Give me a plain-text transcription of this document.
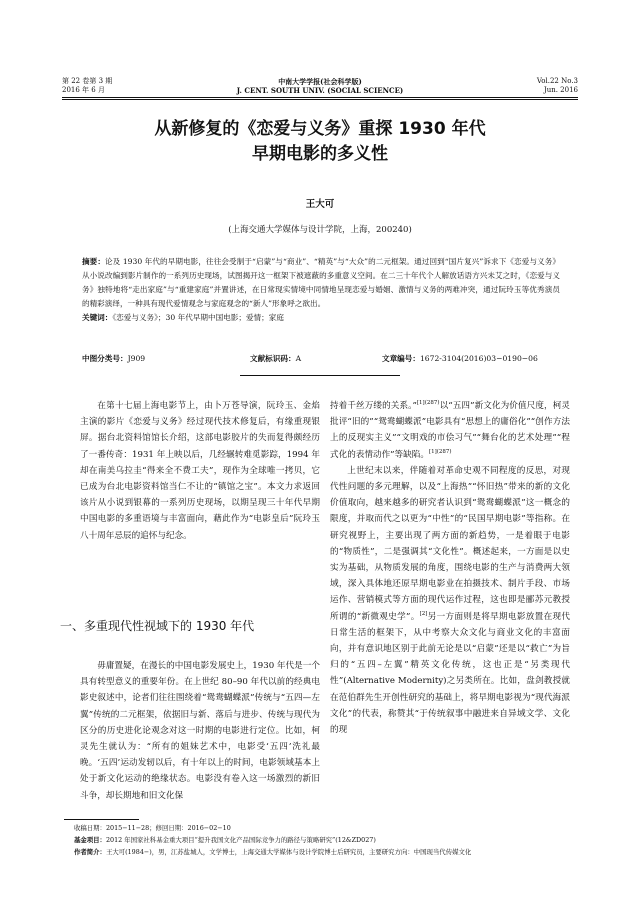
第 22 卷第 3 期
2016 年 6 月
中南大学学报(社会科学版)
J. CENT. SOUTH UNIV. (SOCIAL SCIENCE)
Vol.22 No.3
Jun. 2016
从新修复的《恋爱与义务》重探 1930 年代
早期电影的多义性
王大可
(上海交通大学媒体与设计学院，上海，200240)
摘要：论及 1930 年代的早期电影，往往会受制于“启蒙”与“商业”、“精英”与“大众”的二元框架。通过回到“国片复兴”诉求下《恋爱与义务》从小说改编到影片制作的一系列历史现场，试图揭开这一框架下被遮蔽的多重意义空间。在二三十年代个人解放话语方兴未艾之时，《恋爱与义务》独特地将“走出家庭”与“重建家庭”并置讲述，在日常现实情境中同情地呈现恋爱与婚姻、激情与义务的两难冲突，通过阮玲玉等优秀演员的精彩演绎，一种具有现代爱情观念与家庭观念的“新人”形象呼之欲出。
关键词：《恋爱与义务》；30 年代早期中国电影；爱情；家庭
中图分类号：J909	文献标识码：A	文章编号：1672-3104(2016)03−0190−06

在第十七届上海电影节上，由卜万苍导演，阮玲玉、金焰主演的影片《恋爱与义务》经过现代技术修复后，有缘重现银屏。据台北资料馆馆长介绍，这部电影胶片的失而复得颇经历了一番传奇：1931 年上映以后，几经辗转难觅影踪，1994 年却在南美乌拉圭“得来全不费工夫”，现作为全球唯一拷贝，它已成为台北电影资料馆当仁不让的“镇馆之宝”。本文力求返回该片从小说到银幕的一系列历史现场，以期呈现三十年代早期中国电影的多重语境与丰富面向，藉此作为“电影皇后”阮玲玉八十周年忌辰的追怀与纪念。

一、多重现代性视域下的 1930 年代

毋庸置疑，在漫长的中国电影发展史上，1930 年代是一个具有转型意义的重要年份。在上世纪 80–90 年代以前的经典电影史叙述中，论者们往往围绕着“鸳鸯蝴蝶派”传统与“五四—左翼”传统的二元框架，依据旧与新、落后与进步、传统与现代为区分的历史进化论观念对这一时期的电影进行定位。比如，柯灵先生就认为：“所有的姐妹艺术中，电影受‘五四’洗礼最晚。‘五四’运动发轫以后，有十年以上的时间，电影领域基本上处于新文化运动的绝缘状态。电影没有卷入这一场激烈的新旧斗争，却长期地和旧文化保

持着千丝万缕的关系。”$^{[1](287)}$以“五四”新文化为价值尺度，柯灵批评“旧的”“鸳鸯蝴蝶派”电影具有“思想上的庸俗化”“创作方法上的反现实主义”“文明戏的市侩习气”“舞台化的艺术处理”“程式化的表情动作”等缺陷。$^{[1](287)}$

上世纪末以来，伴随着对革命史观不同程度的反思，对现代性问题的多元理解，以及“上海热”“怀旧热”带来的新的文化价值取向，越来越多的研究者认识到“鸳鸯蝴蝶派”这一概念的限度，并取而代之以更为“中性”的“民国早期电影”等指称。在研究视野上，主要出现了两方面的新趋势，一是着眼于电影的“物质性”，二是强调其“文化性”。概述起来，一方面是以史实为基础，从物质发展的角度，围绕电影的生产与消费两大领域，深入具体地还原早期电影业在拍摄技术、制片手段、市场运作、营销模式等方面的现代运作过程，这也即是郦苏元教授所谓的“新微观史学”。[2]另一方面则是将早期电影放置在现代日常生活的框架下，从中考察大众文化与商业文化的丰富面向，并有意识地区别于此前无论是以“启蒙”还是以“救亡”为旨归的“五四–左翼”精英文化传统，这也正是“另类现代性”(Alternative Modernity)之另类所在。比如，盘剑教授就在范伯群先生开创性研究的基础上，将早期电影视为“现代海派文化”的代表，称赞其“于传统叙事中融进来自异域文学、文化的现

收稿日期：2015−11−28；修回日期：2016−02−10
基金项目：2012 年国家社科基金重大项目“提升我国文化产品国际竞争力的路径与策略研究”(12&ZD027)
作者简介：王大可(1984−)，男，江苏盐城人，文学博士，上海交通大学媒体与设计学院博士后研究员，主要研究方向：中国现当代传媒文化
